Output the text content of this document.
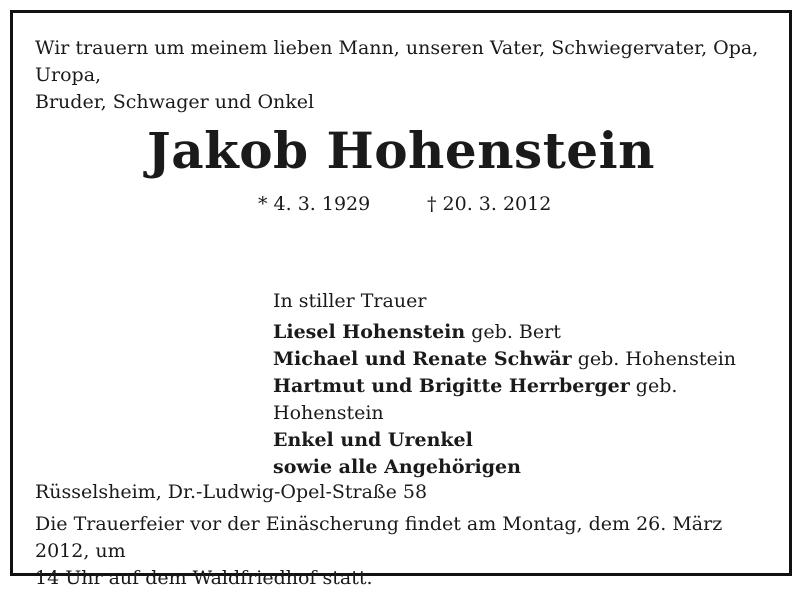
Wir trauern um meinem lieben Mann, unseren Vater, Schwiegervater, Opa, Uropa,
Bruder, Schwager und Onkel
Jakob Hohenstein
* 4. 3. 1929	† 20. 3. 2012
In stiller Trauer
Liesel Hohenstein geb. Bert
Michael und Renate Schwär geb. Hohenstein
Hartmut und Brigitte Herrberger geb. Hohenstein
Enkel und Urenkel
sowie alle Angehörigen
Rüsselsheim, Dr.-Ludwig-Opel-Straße 58
Die Trauerfeier vor der Einäscherung findet am Montag, dem 26. März 2012, um
14 Uhr auf dem Waldfriedhof statt.
